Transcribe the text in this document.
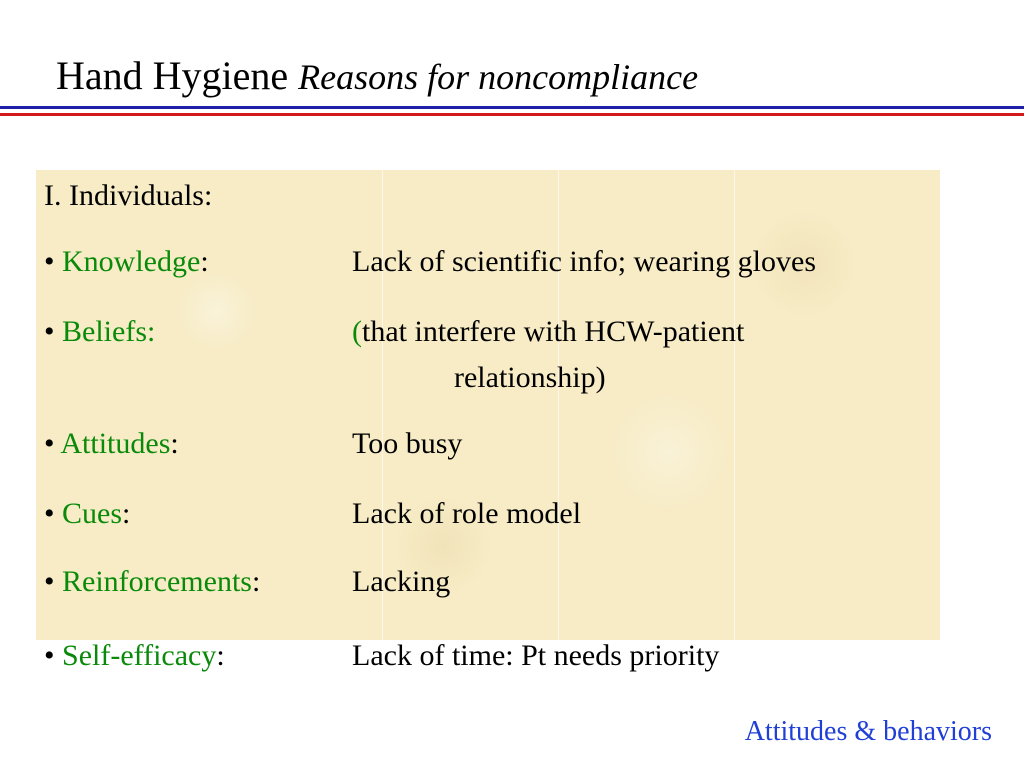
Hand Hygiene Reasons for noncompliance
I. Individuals:
• Knowledge:	Lack of scientific info; wearing gloves
• Beliefs:	(that interfere with HCW-patient
relationship)
• Attitudes:	Too busy
• Cues:	Lack of role model
• Reinforcements:	Lacking
• Self-efficacy:	Lack of time: Pt needs priority
Attitudes & behaviors
